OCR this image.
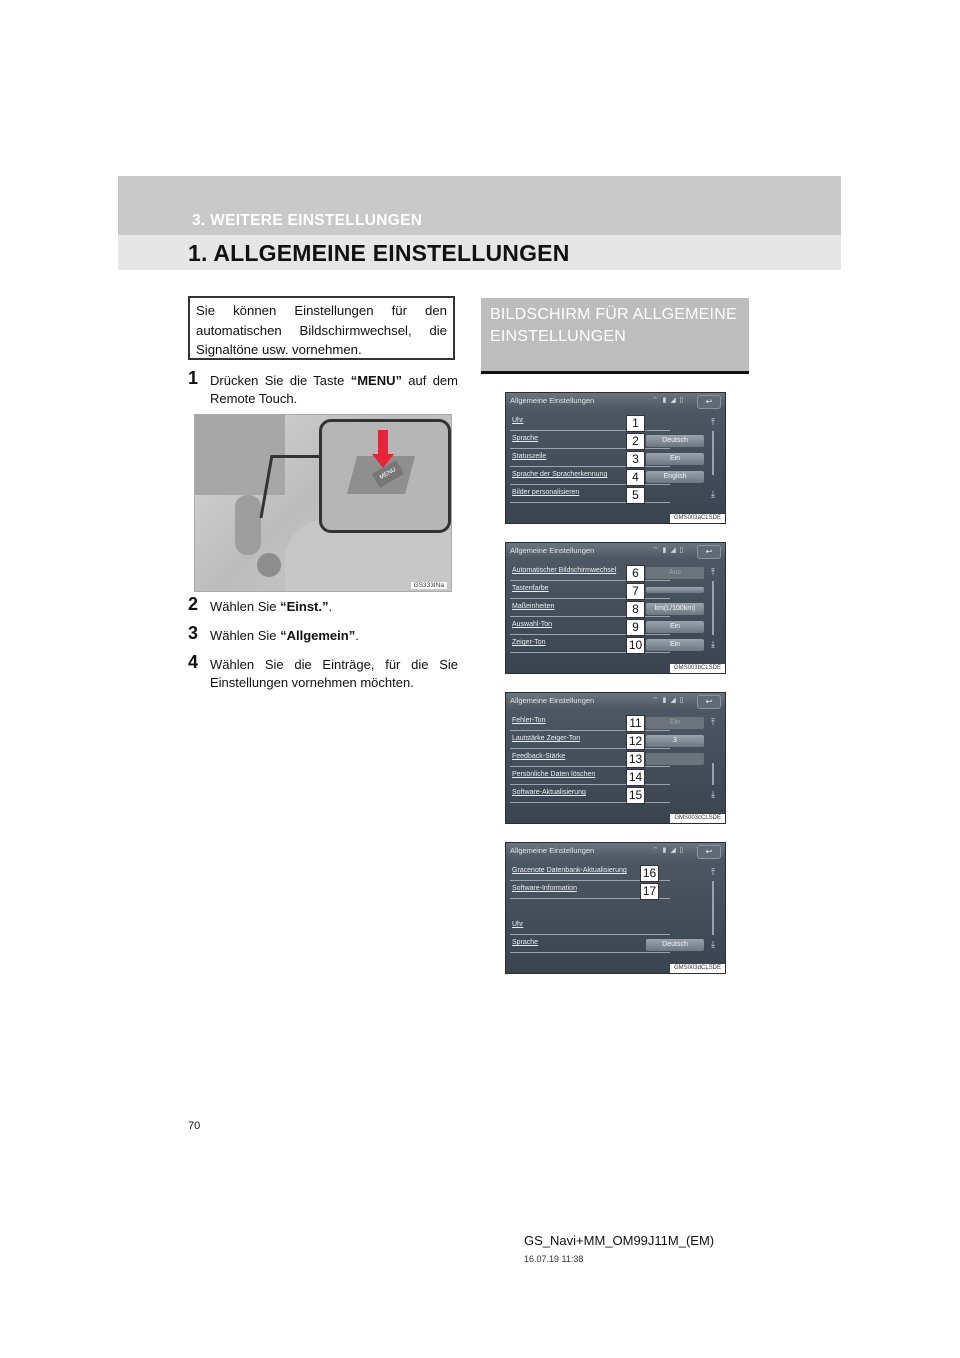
3. WEITERE EINSTELLUNGEN
1. ALLGEMEINE EINSTELLUNGEN
Sie können Einstellungen für den automatischen Bildschirmwechsel, die Signaltöne usw. vornehmen.
1 Drücken Sie die Taste “MENU” auf dem Remote Touch.
MENU
GS333INa
2 Wählen Sie “Einst.”.
3 Wählen Sie “Allgemein”.
4 Wählen Sie die Einträge, für die Sie Einstellungen vornehmen möchten.
BILDSCHIRM FÜR ALLGEMEINE EINSTELLUNGEN
Allgemeine Einstellungen	⌔ ▮ ◢ ▯	↩
Uhr	1
Sprache	2	Deutsch
Statuszeile	3	Ein
Sprache der Spracherkennung	4	English
Bilder personalisieren	5
⤒
⤓
GMS003aCLSDE
Allgemeine Einstellungen	⌔ ▮ ◢ ▯	↩
Automatischer Bildschirmwechsel	6	Aus
Tastenfarbe	7
Maßeinheiten	8	km(L/100km)
Auswahl-Ton	9	Ein
Zeiger-Ton	10	Ein
⤒
⤓
GMS003bCLSDE
Allgemeine Einstellungen	⌔ ▮ ◢ ▯	↩
Fehler-Ton	11	Ein
Lautstärke Zeiger-Ton	12	3
Feedback-Stärke	13
Persönliche Daten löschen	14
Software-Aktualisierung	15
⤒
⤓
GMS003cCLSDE
Allgemeine Einstellungen	⌔ ▮ ◢ ▯	↩
Gracenote Datenbank-Aktualisierung 16
Software-Information	17
Uhr
Sprache	Deutsch
⤒
⤓
GMS003dCLSDE
70
GS_Navi+MM_OM99J11M_(EM)
16.07.19 11:38
